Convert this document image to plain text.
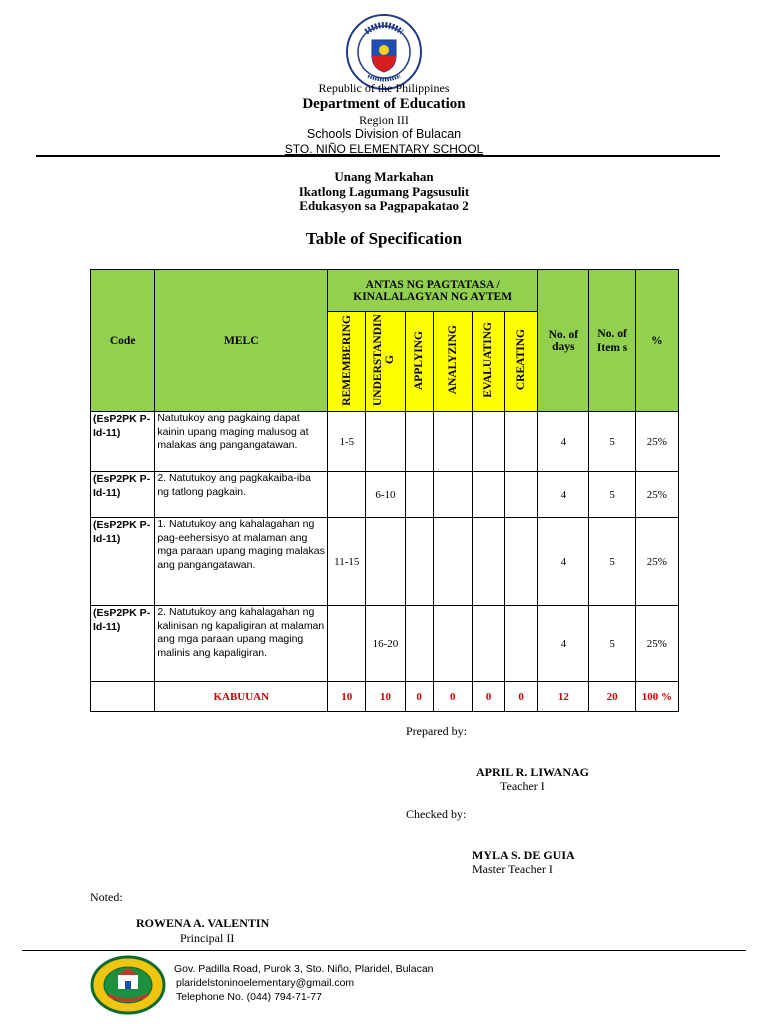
Republic of the Philippines
Department of Education
Region III
Schools Division of Bulacan
STO. NIÑO ELEMENTARY SCHOOL
Unang Markahan
Ikatlong Lagumang Pagsusulit
Edukasyon sa Pagpapakatao 2
Table of Specification
Code	MELC	ANTAS NG PAGTATASA / KINALALAGYAN NG AYTEM						No. of days	No. of Item s	%
		REMEMBERING	UNDERSTANDIN G	APPLYING	ANALYZING	EVALUATING	CREATING			
(EsP2PK P-Id-11)	Natutukoy ang pagkaing dapat kainin upang maging malusog at malakas ang pangangatawan.	1-5						4	5	25%
(EsP2PK P-Id-11)	2. Natutukoy ang pagkakaiba-iba ng tatlong pagkain.		6-10					4	5	25%
(EsP2PK P-Id-11)	1. Natutukoy ang kahalagahan ng pag-eehersisyo at malaman ang mga paraan upang maging malakas ang pangangatawan.	11-15						4	5	25%
(EsP2PK P-Id-11)	2. Natutukoy ang kahalagahan ng kalinisan ng kapaligiran at malaman ang mga paraan upang maging malinis ang kapaligiran.		16-20					4	5	25%
	KABUUAN	10	10	0	0	0	0	12	20	100 %
Prepared by:
APRIL R. LIWANAG
Teacher I
Checked by:
MYLA S. DE GUIA
Master Teacher I
Noted:
ROWENA A. VALENTIN
Principal II
Gov. Padilla Road, Purok 3, Sto. Niño, Plaridel, Bulacan
plaridelstoninoelementary@gmail.com
Telephone No. (044) 794-71-77
